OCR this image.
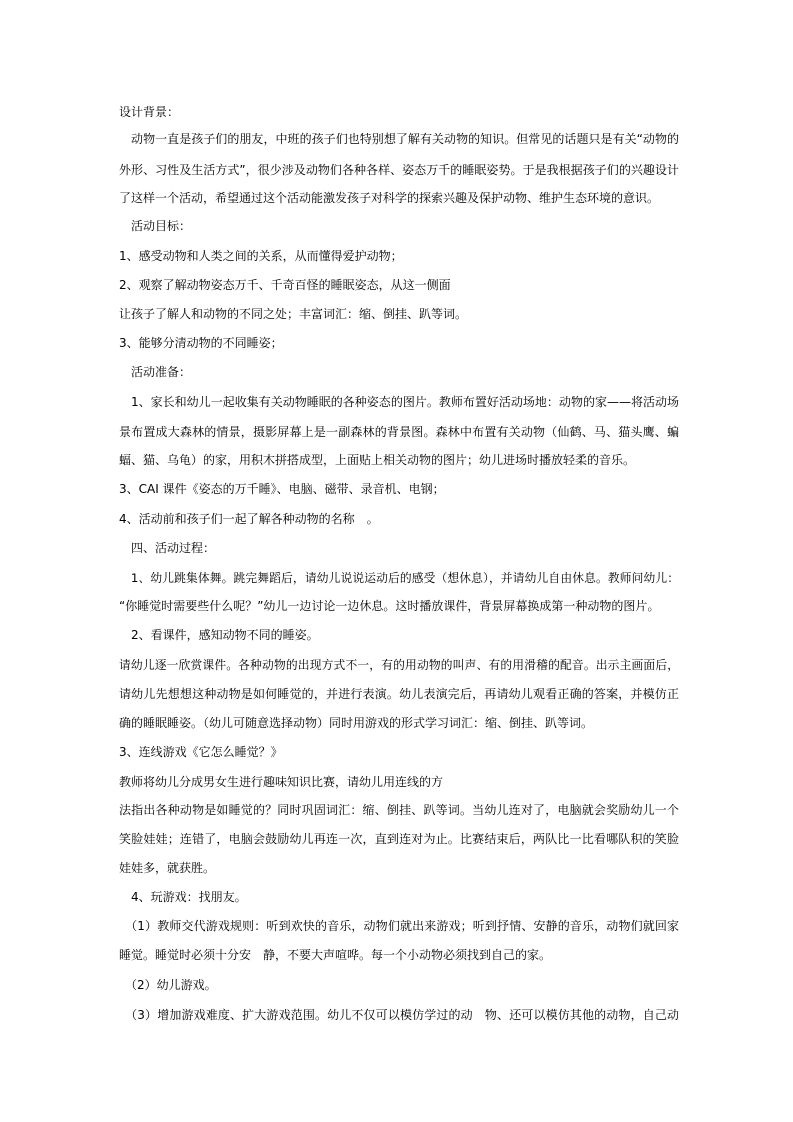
设计背景：
　动物一直是孩子们的朋友，中班的孩子们也特别想了解有关动物的知识。但常见的话题只是有关“动物的
外形、习性及生活方式”，很少涉及动物们各种各样、姿态万千的睡眠姿势。于是我根据孩子们的兴趣设计
了这样一个活动，希望通过这个活动能激发孩子对科学的探索兴趣及保护动物、维护生态环境的意识。
　活动目标：
1、感受动物和人类之间的关系，从而懂得爱护动物；
2、观察了解动物姿态万千、千奇百怪的睡眠姿态，从这一侧面
让孩子了解人和动物的不同之处；丰富词汇：缩、倒挂、趴等词。
3、能够分清动物的不同睡姿；
　活动准备：
　1、家长和幼儿一起收集有关动物睡眠的各种姿态的图片。教师布置好活动场地：动物的家——将活动场
景布置成大森林的情景，摄影屏幕上是一副森林的背景图。森林中布置有关动物（仙鹤、马、猫头鹰、蝙
蝠、猫、乌龟）的家，用积木拼搭成型，上面贴上相关动物的图片；幼儿进场时播放轻柔的音乐。
3、CAI 课件《姿态的万千睡》、电脑、磁带、录音机、电钢；
4、活动前和孩子们一起了解各种动物的名称　。
　四、活动过程：
　1、幼儿跳集体舞。跳完舞蹈后，请幼儿说说运动后的感受（想休息），并请幼儿自由休息。教师问幼儿：
“你睡觉时需要些什么呢？”幼儿一边讨论一边休息。这时播放课件，背景屏幕换成第一种动物的图片。
　2、看课件，感知动物不同的睡姿。
请幼儿逐一欣赏课件。各种动物的出现方式不一，有的用动物的叫声、有的用滑稽的配音。出示主画面后，
请幼儿先想想这种动物是如何睡觉的，并进行表演。幼儿表演完后，再请幼儿观看正确的答案，并模仿正
确的睡眠睡姿。（幼儿可随意选择动物）同时用游戏的形式学习词汇：缩、倒挂、趴等词。
3、连线游戏《它怎么睡觉？》
教师将幼儿分成男女生进行趣味知识比赛，请幼儿用连线的方
法指出各种动物是如睡觉的？同时巩固词汇：缩、倒挂、趴等词。当幼儿连对了，电脑就会奖励幼儿一个
笑脸娃娃；连错了，电脑会鼓励幼儿再连一次，直到连对为止。比赛结束后，两队比一比看哪队积的笑脸
娃娃多，就获胜。
　4、玩游戏：找朋友。
　（1）教师交代游戏规则：听到欢快的音乐，动物们就出来游戏；听到抒情、安静的音乐，动物们就回家
睡觉。睡觉时必须十分安　静，不要大声喧哗。每一个小动物必须找到自己的家。
　（2）幼儿游戏。
　（3）增加游戏难度、扩大游戏范围。幼儿不仅可以模仿学过的动　物、还可以模仿其他的动物，自己动
